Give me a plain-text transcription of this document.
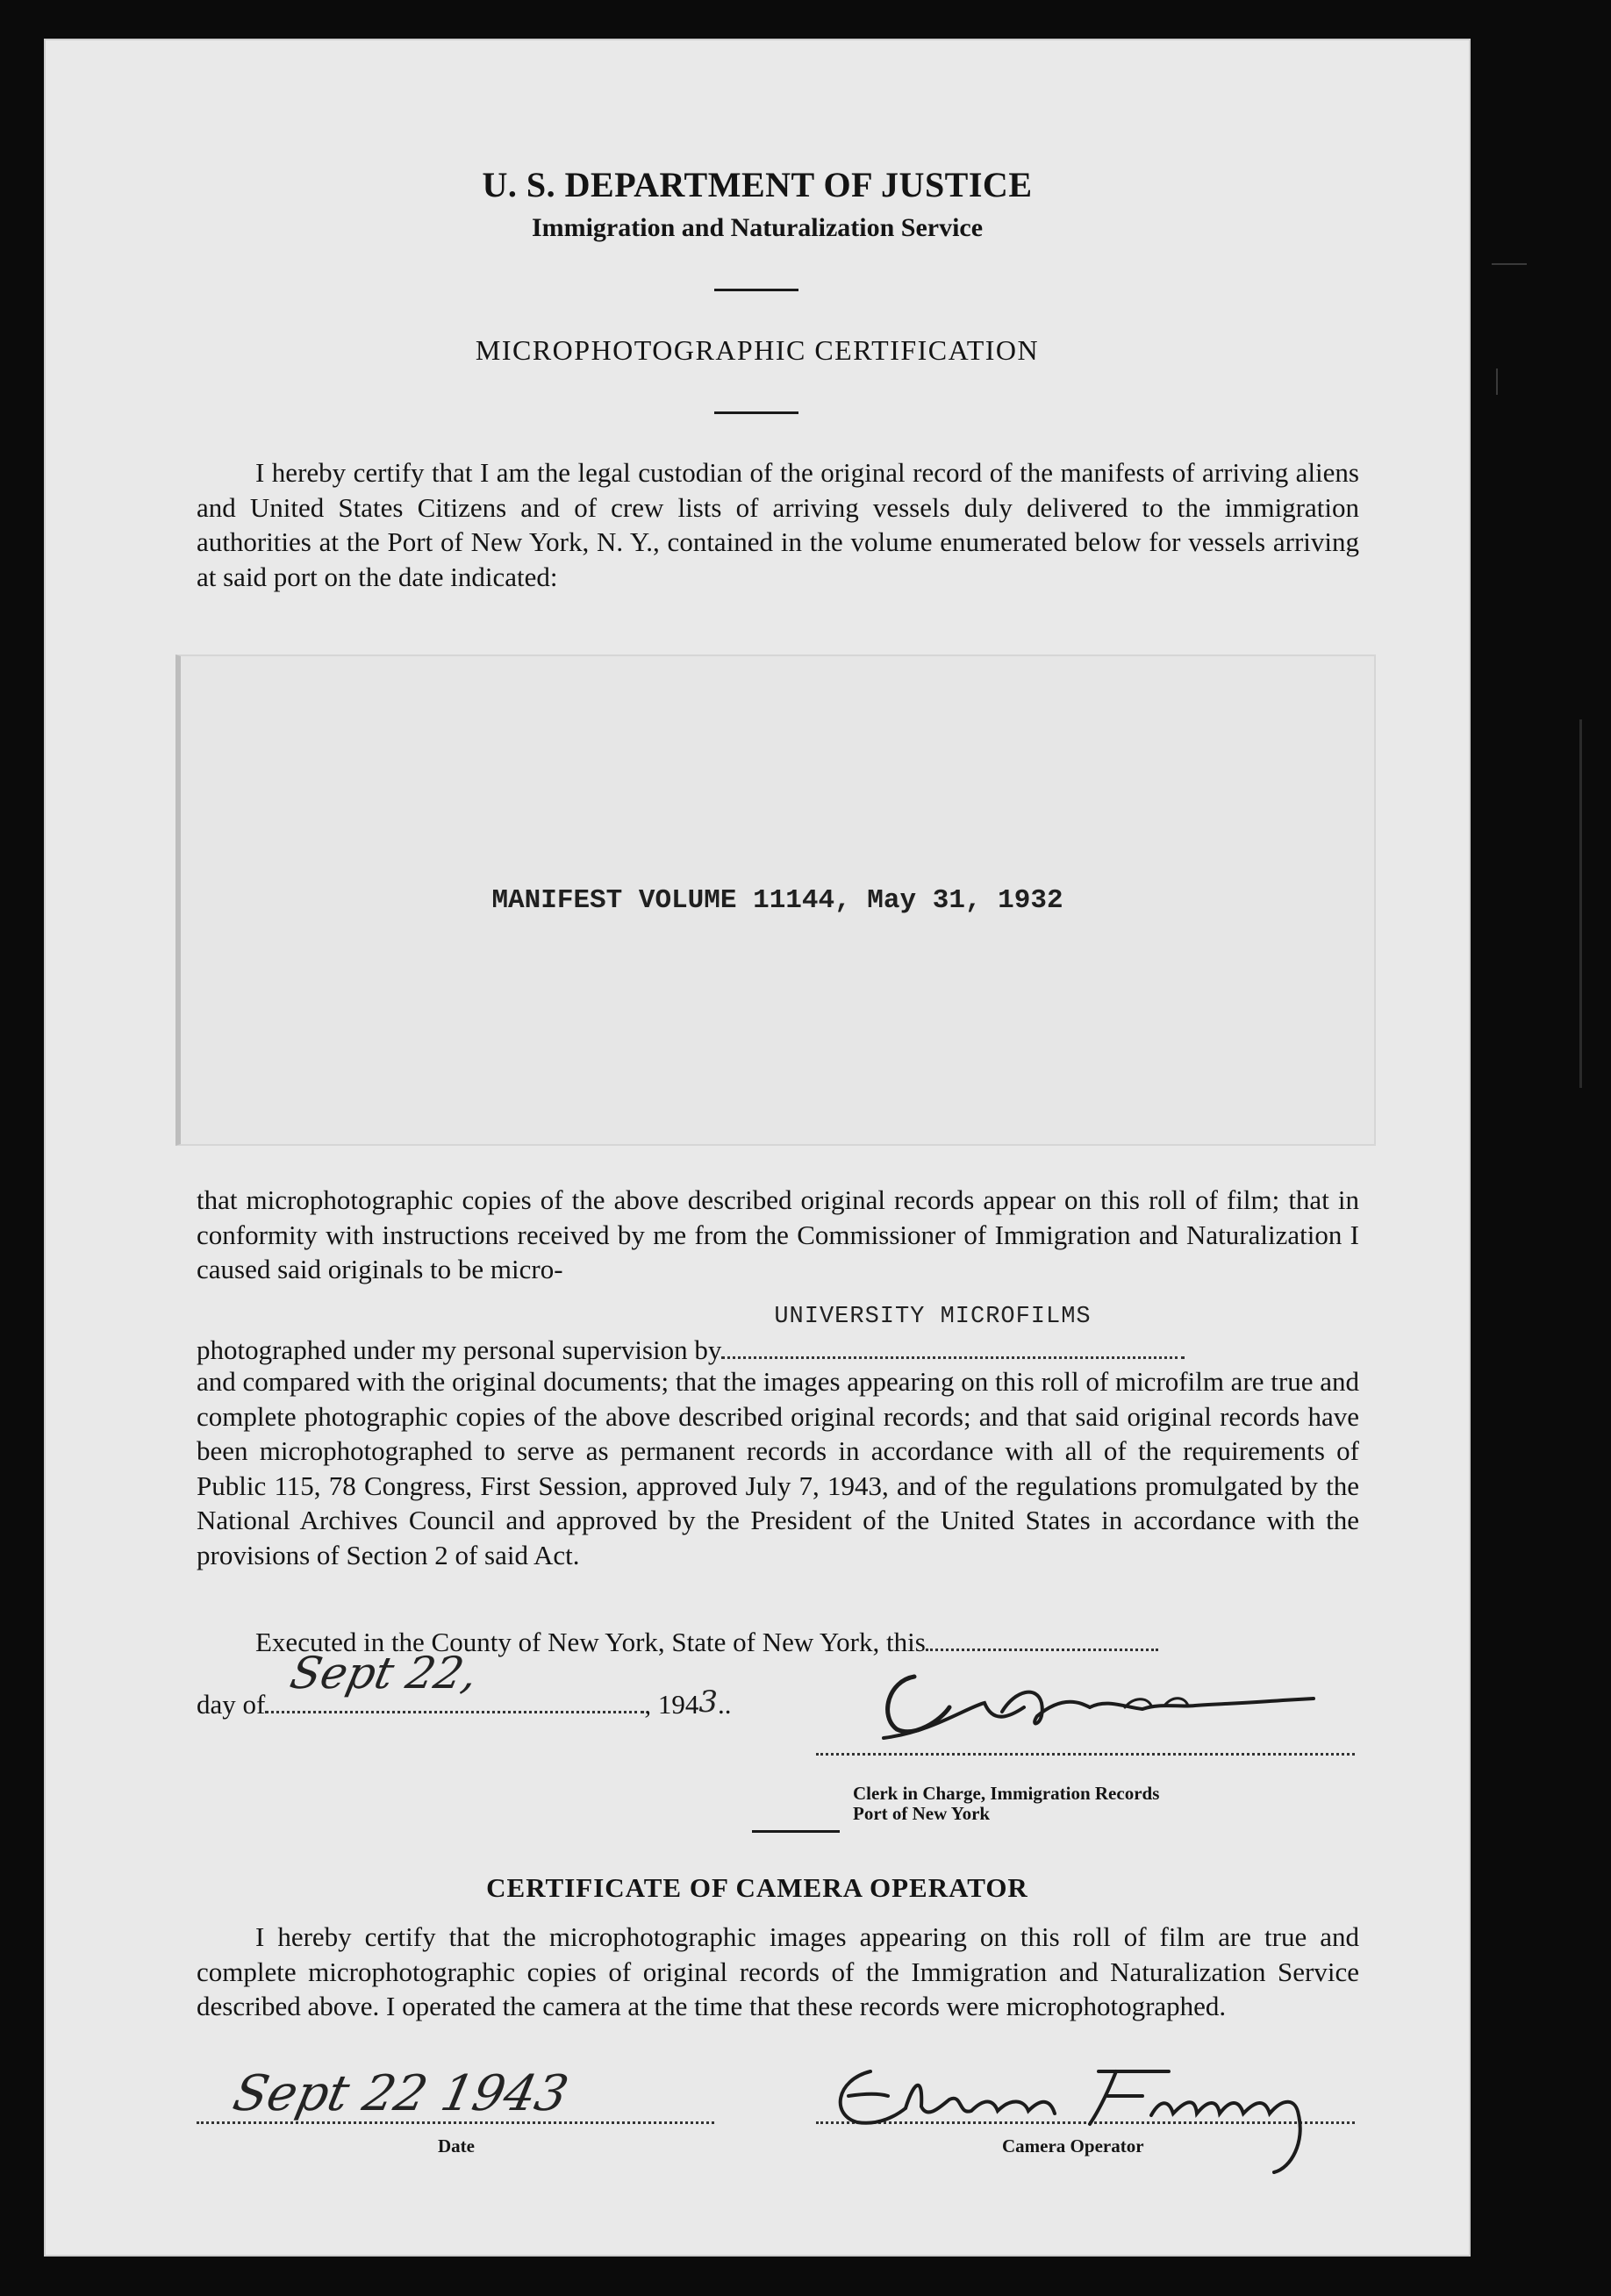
U. S. DEPARTMENT OF JUSTICE
Immigration and Naturalization Service
MICROPHOTOGRAPHIC CERTIFICATION

I hereby certify that I am the legal custodian of the original record of the manifests of arriving aliens and United States Citizens and of crew lists of arriving vessels duly delivered to the immigration authorities at the Port of New York, N. Y., contained in the volume enumerated below for vessels arriving at said port on the date indicated:

MANIFEST VOLUME 11144, May 31, 1932

that microphotographic copies of the above described original records appear on this roll of film; that in conformity with instructions received by me from the Commissioner of Immigration and Naturalization I caused said originals to be micro-

photographed under my personal supervision by
UNIVERSITY MICROFILMS

and compared with the original documents; that the images appearing on this roll of microfilm are true and complete photographic copies of the above described original records; and that said original records have been microphotographed to serve as permanent records in accordance with all of the requirements of Public 115, 78 Congress, First Session, approved July 7, 1943, and of the regulations promulgated by the National Archives Council and approved by the President of the United States in accordance with the provisions of Section 2 of said Act.

Executed in the County of New York, State of New York, this
day of
Sept 22,
, 1943..
Clerk in Charge, Immigration Records
Port of New York
CERTIFICATE OF CAMERA OPERATOR

I hereby certify that the microphotographic images appearing on this roll of film are true and complete microphotographic copies of original records of the Immigration and Naturalization Service described above. I operated the camera at the time that these records were microphotographed.

Sept 22 1943
Date	Camera Operator
